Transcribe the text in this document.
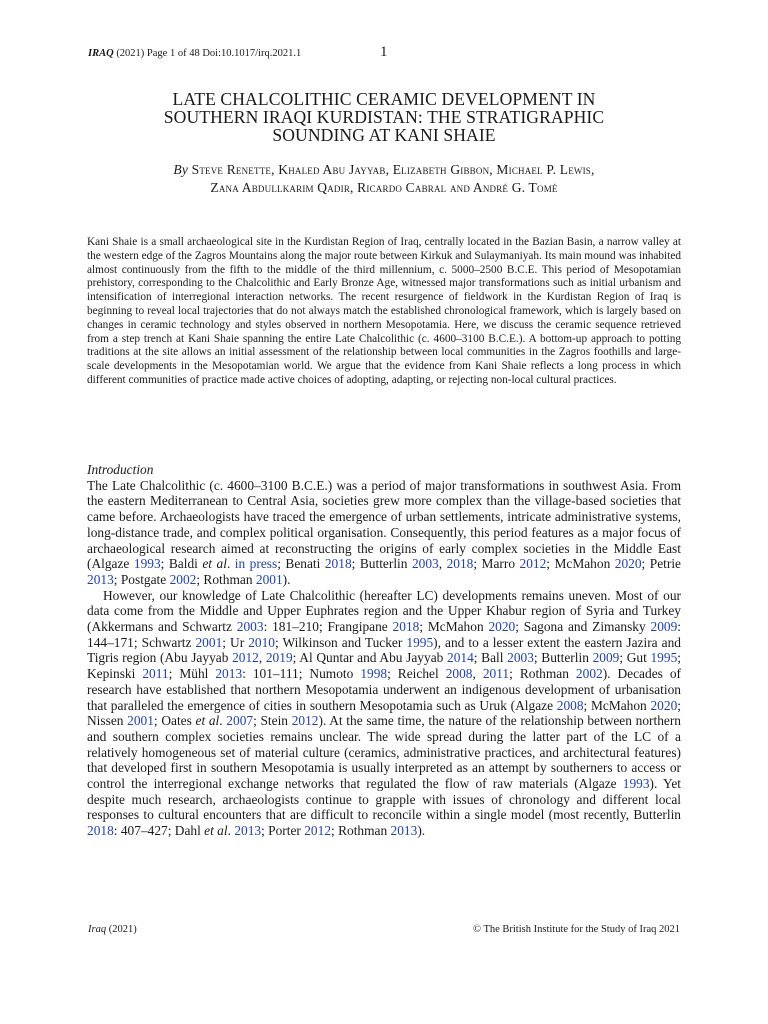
IRAQ (2021) Page 1 of 48 Doi:10.1017/irq.2021.1	1
LATE CHALCOLITHIC CERAMIC DEVELOPMENT IN
SOUTHERN IRAQI KURDISTAN: THE STRATIGRAPHIC
SOUNDING AT KANI SHAIE
By Steve Renette, Khaled Abu Jayyab, Elizabeth Gibbon, Michael P. Lewis,
Zana Abdullkarim Qadir, Ricardo Cabral and André G. Tomé

Kani Shaie is a small archaeological site in the Kurdistan Region of Iraq, centrally located in the Bazian Basin, a narrow valley at the western edge of the Zagros Mountains along the major route between Kirkuk and Sulaymaniyah. Its main mound was inhabited almost continuously from the fifth to the middle of the third millennium, c. 5000–2500 B.C.E. This period of Mesopotamian prehistory, corresponding to the Chalcolithic and Early Bronze Age, witnessed major transformations such as initial urbanism and intensification of interregional interaction networks. The recent resurgence of fieldwork in the Kurdistan Region of Iraq is beginning to reveal local trajectories that do not always match the established chronological framework, which is largely based on changes in ceramic technology and styles observed in northern Mesopotamia. Here, we discuss the ceramic sequence retrieved from a step trench at Kani Shaie spanning the entire Late Chalcolithic (c. 4600–3100 B.C.E.). A bottom-up approach to potting traditions at the site allows an initial assessment of the relationship between local communities in the Zagros foothills and large-scale developments in the Mesopotamian world. We argue that the evidence from Kani Shaie reflects a long process in which different communities of practice made active choices of adopting, adapting, or rejecting non-local cultural practices.

Introduction

The Late Chalcolithic (c. 4600–3100 B.C.E.) was a period of major transformations in southwest Asia. From the eastern Mediterranean to Central Asia, societies grew more complex than the village-based societies that came before. Archaeologists have traced the emergence of urban settlements, intricate administrative systems, long-distance trade, and complex political organisation. Consequently, this period features as a major focus of archaeological research aimed at reconstructing the origins of early complex societies in the Middle East (Algaze 1993; Baldi et al. in press; Benati 2018; Butterlin 2003, 2018; Marro 2012; McMahon 2020; Petrie 2013; Postgate 2002; Rothman 2001).

However, our knowledge of Late Chalcolithic (hereafter LC) developments remains uneven. Most of our data come from the Middle and Upper Euphrates region and the Upper Khabur region of Syria and Turkey (Akkermans and Schwartz 2003: 181–210; Frangipane 2018; McMahon 2020; Sagona and Zimansky 2009: 144–171; Schwartz 2001; Ur 2010; Wilkinson and Tucker 1995), and to a lesser extent the eastern Jazira and Tigris region (Abu Jayyab 2012, 2019; Al Quntar and Abu Jayyab 2014; Ball 2003; Butterlin 2009; Gut 1995; Kepinski 2011; Mühl 2013: 101–111; Numoto 1998; Reichel 2008, 2011; Rothman 2002). Decades of research have established that northern Mesopotamia underwent an indigenous development of urbanisation that paralleled the emergence of cities in southern Mesopotamia such as Uruk (Algaze 2008; McMahon 2020; Nissen 2001; Oates et al. 2007; Stein 2012). At the same time, the nature of the relationship between northern and southern complex societies remains unclear. The wide spread during the latter part of the LC of a relatively homogeneous set of material culture (ceramics, administrative practices, and architectural features) that developed first in southern Mesopotamia is usually interpreted as an attempt by southerners to access or control the interregional exchange networks that regulated the flow of raw materials (Algaze 1993). Yet despite much research, archaeologists continue to grapple with issues of chronology and different local responses to cultural encounters that are difficult to reconcile within a single model (most recently, Butterlin 2018: 407–427; Dahl et al. 2013; Porter 2012; Rothman 2013).

Iraq (2021)	© The British Institute for the Study of Iraq 2021
